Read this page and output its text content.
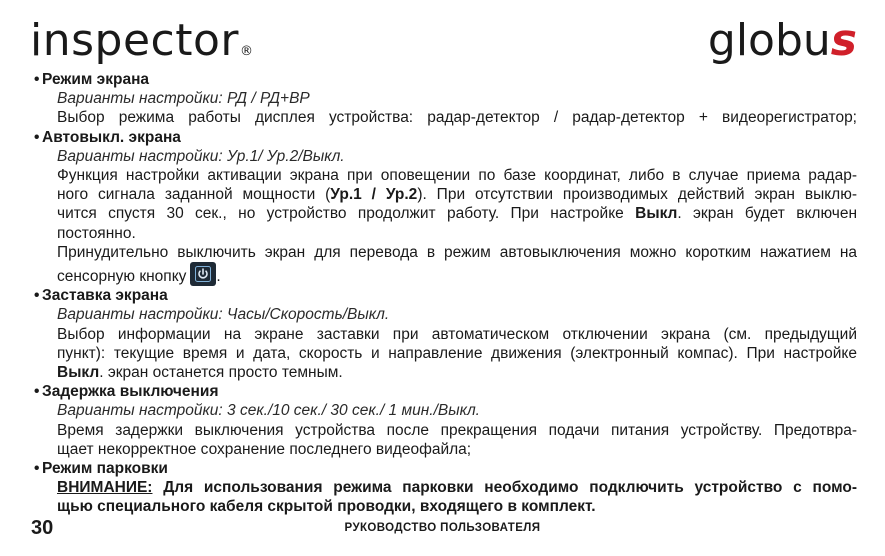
inspector®	globus

• Режим экрана

Варианты настройки: РД / РД+ВР

Выбор режима работы дисплея устройства: радар-детектор / радар-детектор + видеорегистратор;

• Автовыкл. экрана

Варианты настройки: Ур.1/ Ур.2/Выкл.

Функция настройки активации экрана при оповещении по базе координат, либо в случае приема радар-

ного сигнала заданной мощности (Ур.1 / Ур.2). При отсутствии производимых действий экран выклю-

чится спустя 30 сек., но устройство продолжит работу. При настройке Выкл. экран будет включен

постоянно.

Принудительно выключить экран для перевода в режим автовыключения можно коротким нажатием на

сенсорную кнопку .

• Заставка экрана

Варианты настройки: Часы/Скорость/Выкл.

Выбор информации на экране заставки при автоматическом отключении экрана (см. предыдущий

пункт): текущие время и дата, скорость и направление движения (электронный компас). При настройке

Выкл. экран останется просто темным.

• Задержка выключения

Варианты настройки: 3 сек./10 сек./ 30 сек./ 1 мин./Выкл.

Время задержки выключения устройства после прекращения подачи питания устройству. Предотвра-

щает некорректное сохранение последнего видеофайла;

• Режим парковки

ВНИМАНИЕ: Для использования режима парковки необходимо подключить устройство с помо-

щью специального кабеля скрытой проводки, входящего в комплект.

30	РУКОВОДСТВО ПОЛЬЗОВАТЕЛЯ
